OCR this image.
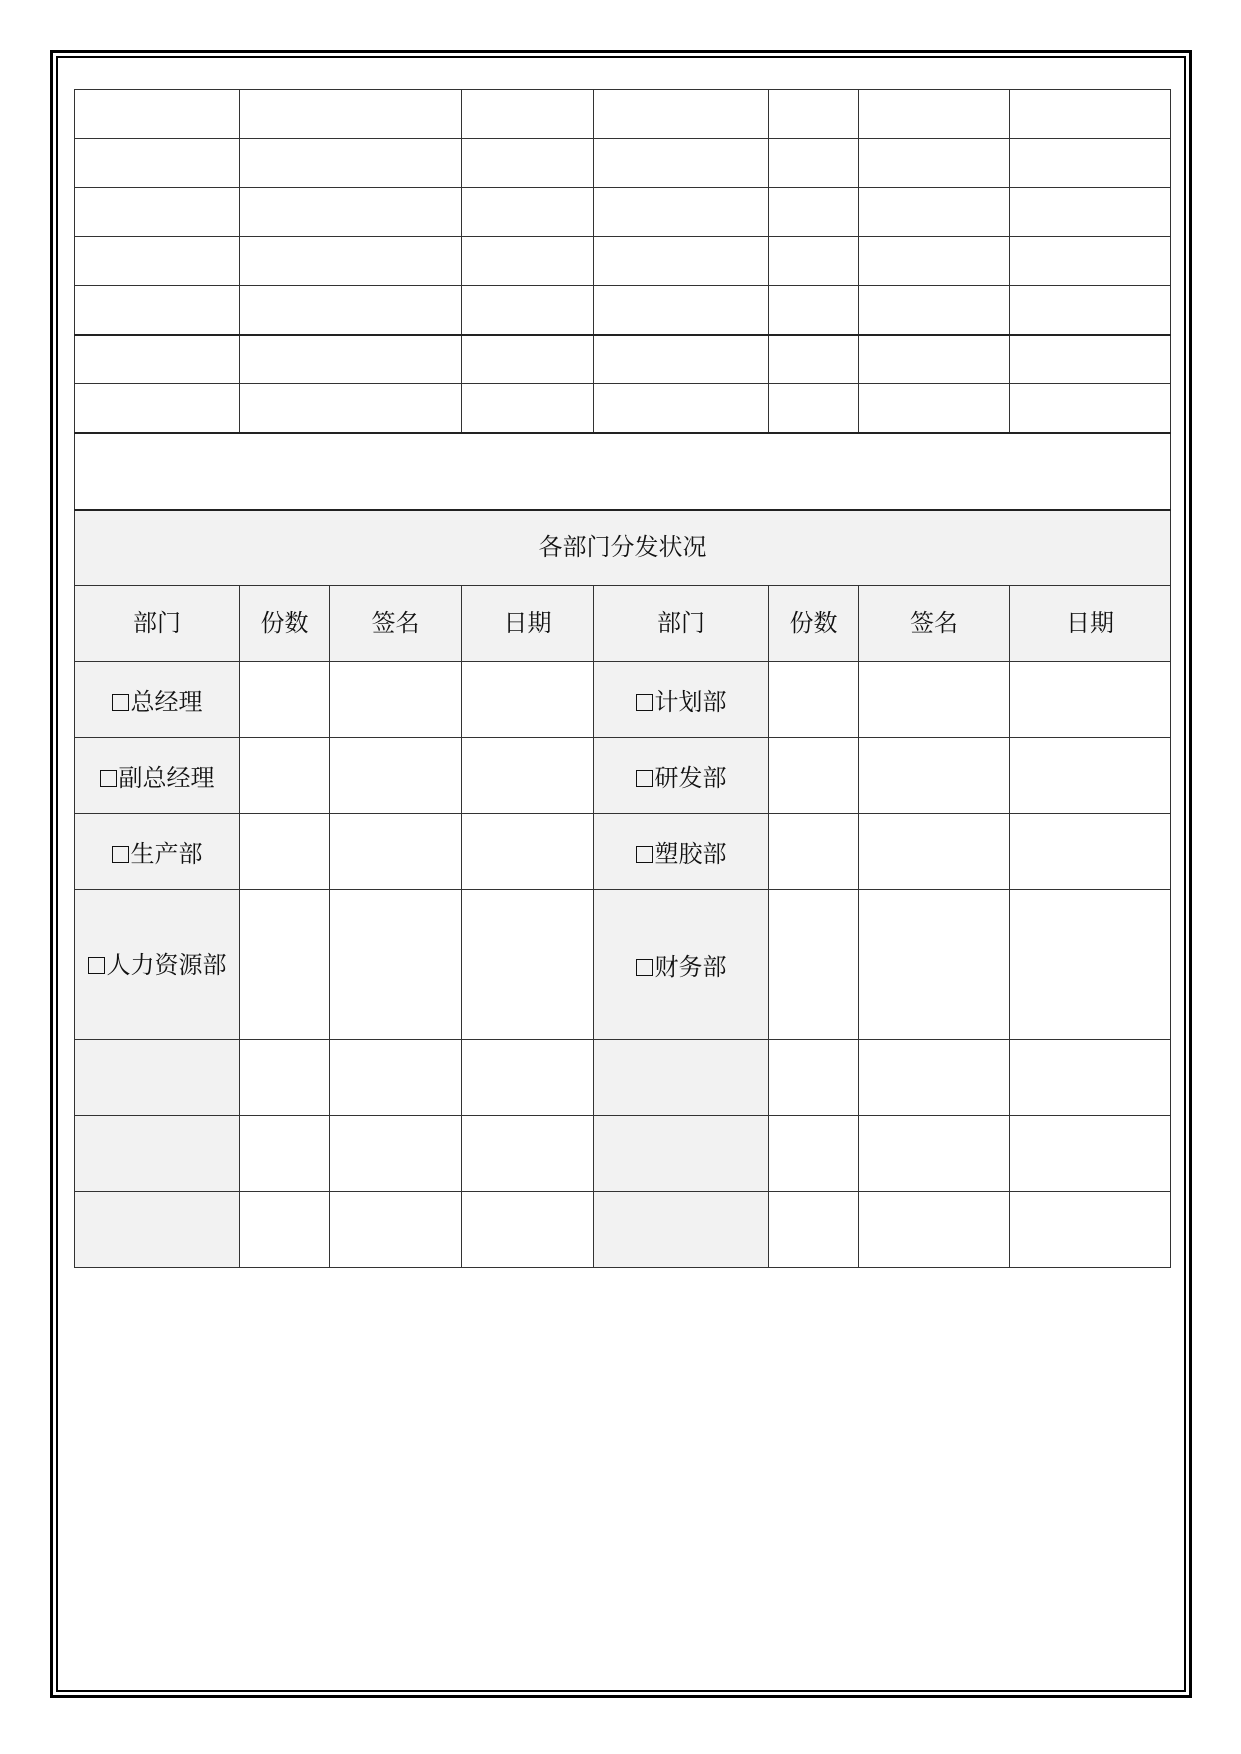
各部门分发状况							
部门	份数	签名	日期	部门	份数	签名	日期
总经理				计划部			
副总经理				研发部			
生产部				塑胶部			

人力资源部				财务部			
